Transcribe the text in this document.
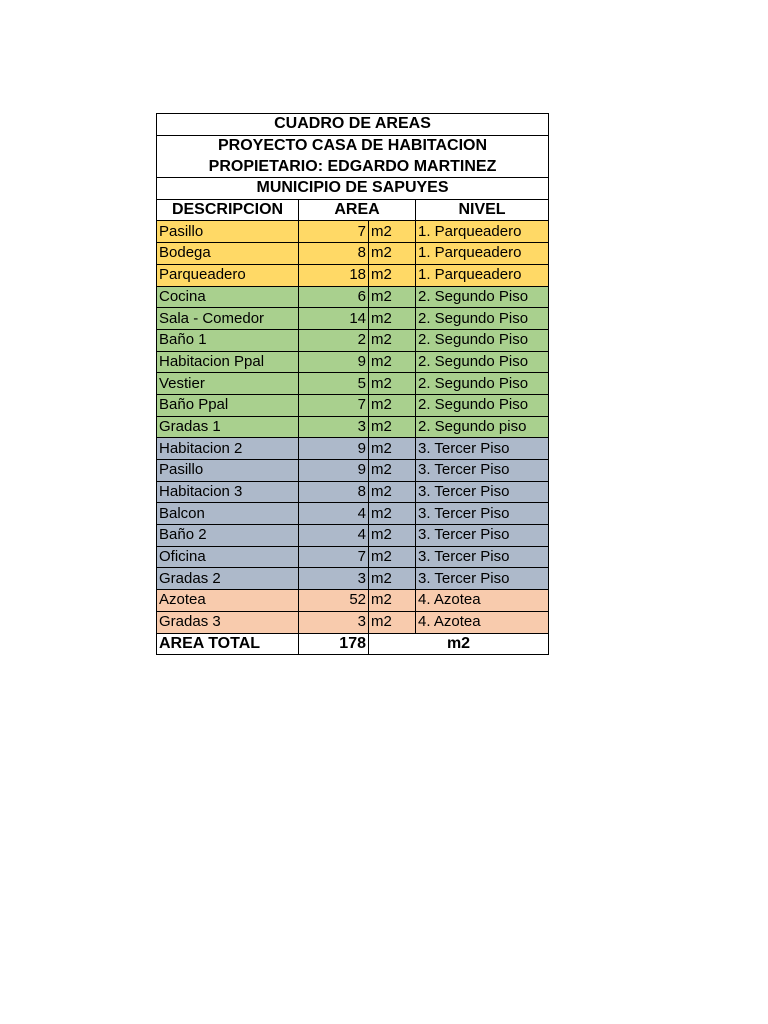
CUADRO DE AREAS			
PROYECTO CASA DE HABITACION			
PROPIETARIO: EDGARDO MARTINEZ			
MUNICIPIO DE SAPUYES			
DESCRIPCION	AREA		NIVEL
Pasillo	7	m2	1. Parqueadero
Bodega	8	m2	1. Parqueadero
Parqueadero	18	m2	1. Parqueadero
Cocina	6	m2	2. Segundo Piso
Sala - Comedor	14	m2	2. Segundo Piso
Baño 1	2	m2	2. Segundo Piso
Habitacion Ppal	9	m2	2. Segundo Piso
Vestier	5	m2	2. Segundo Piso
Baño Ppal	7	m2	2. Segundo Piso
Gradas 1	3	m2	2. Segundo piso
Habitacion 2	9	m2	3. Tercer Piso
Pasillo	9	m2	3. Tercer Piso
Habitacion 3	8	m2	3. Tercer Piso
Balcon	4	m2	3. Tercer Piso
Baño 2	4	m2	3. Tercer Piso
Oficina	7	m2	3. Tercer Piso
Gradas 2	3	m2	3. Tercer Piso
Azotea	52	m2	4. Azotea
Gradas 3	3	m2	4. Azotea
AREA TOTAL	178	m2	
